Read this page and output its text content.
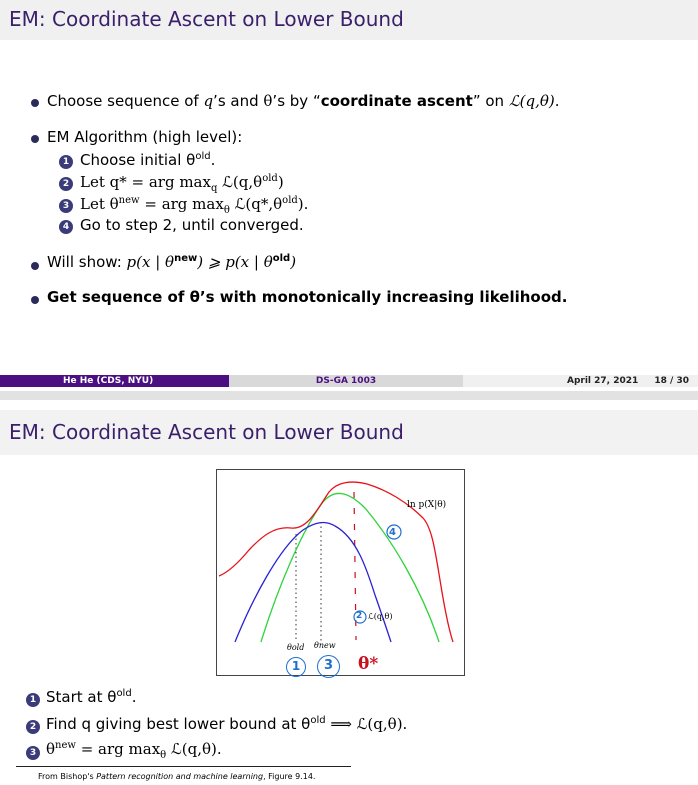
EM: Coordinate Ascent on Lower Bound
Choose sequence of q’s and θ’s by “coordinate ascent” on ℒ(q,θ).
EM Algorithm (high level):
1 Choose initial $\theta^{old}$.
2 Let q* = arg $\max_q$ $ℒ(q,\theta^{old})$
3 Let $\theta^{new}$ = arg $\max_\theta$ $ℒ(q*,\theta^{old})$.
4 Go to step 2, until converged.
Will show: p(x | $\theta^{new}$) ⩾ p(x | $\theta^{old}$)
Get sequence of θ’s with monotonically increasing likelihood.
He He (CDS, NYU)	DS-GA 1003	April 27, 2021 18 / 30
EM: Coordinate Ascent on Lower Bound
ln p(X|θ)
4
2 ℒ(q,θ)
θold θnew
1	3	θ*
1 Start at $\theta^{old}$.
2 Find q giving best lower bound at $\theta^{old}$ ⟹ ℒ(q,θ).
3 $\theta^{new}$ = arg $\max_\theta$ ℒ(q,θ).
From Bishop's Pattern recognition and machine learning, Figure 9.14.
